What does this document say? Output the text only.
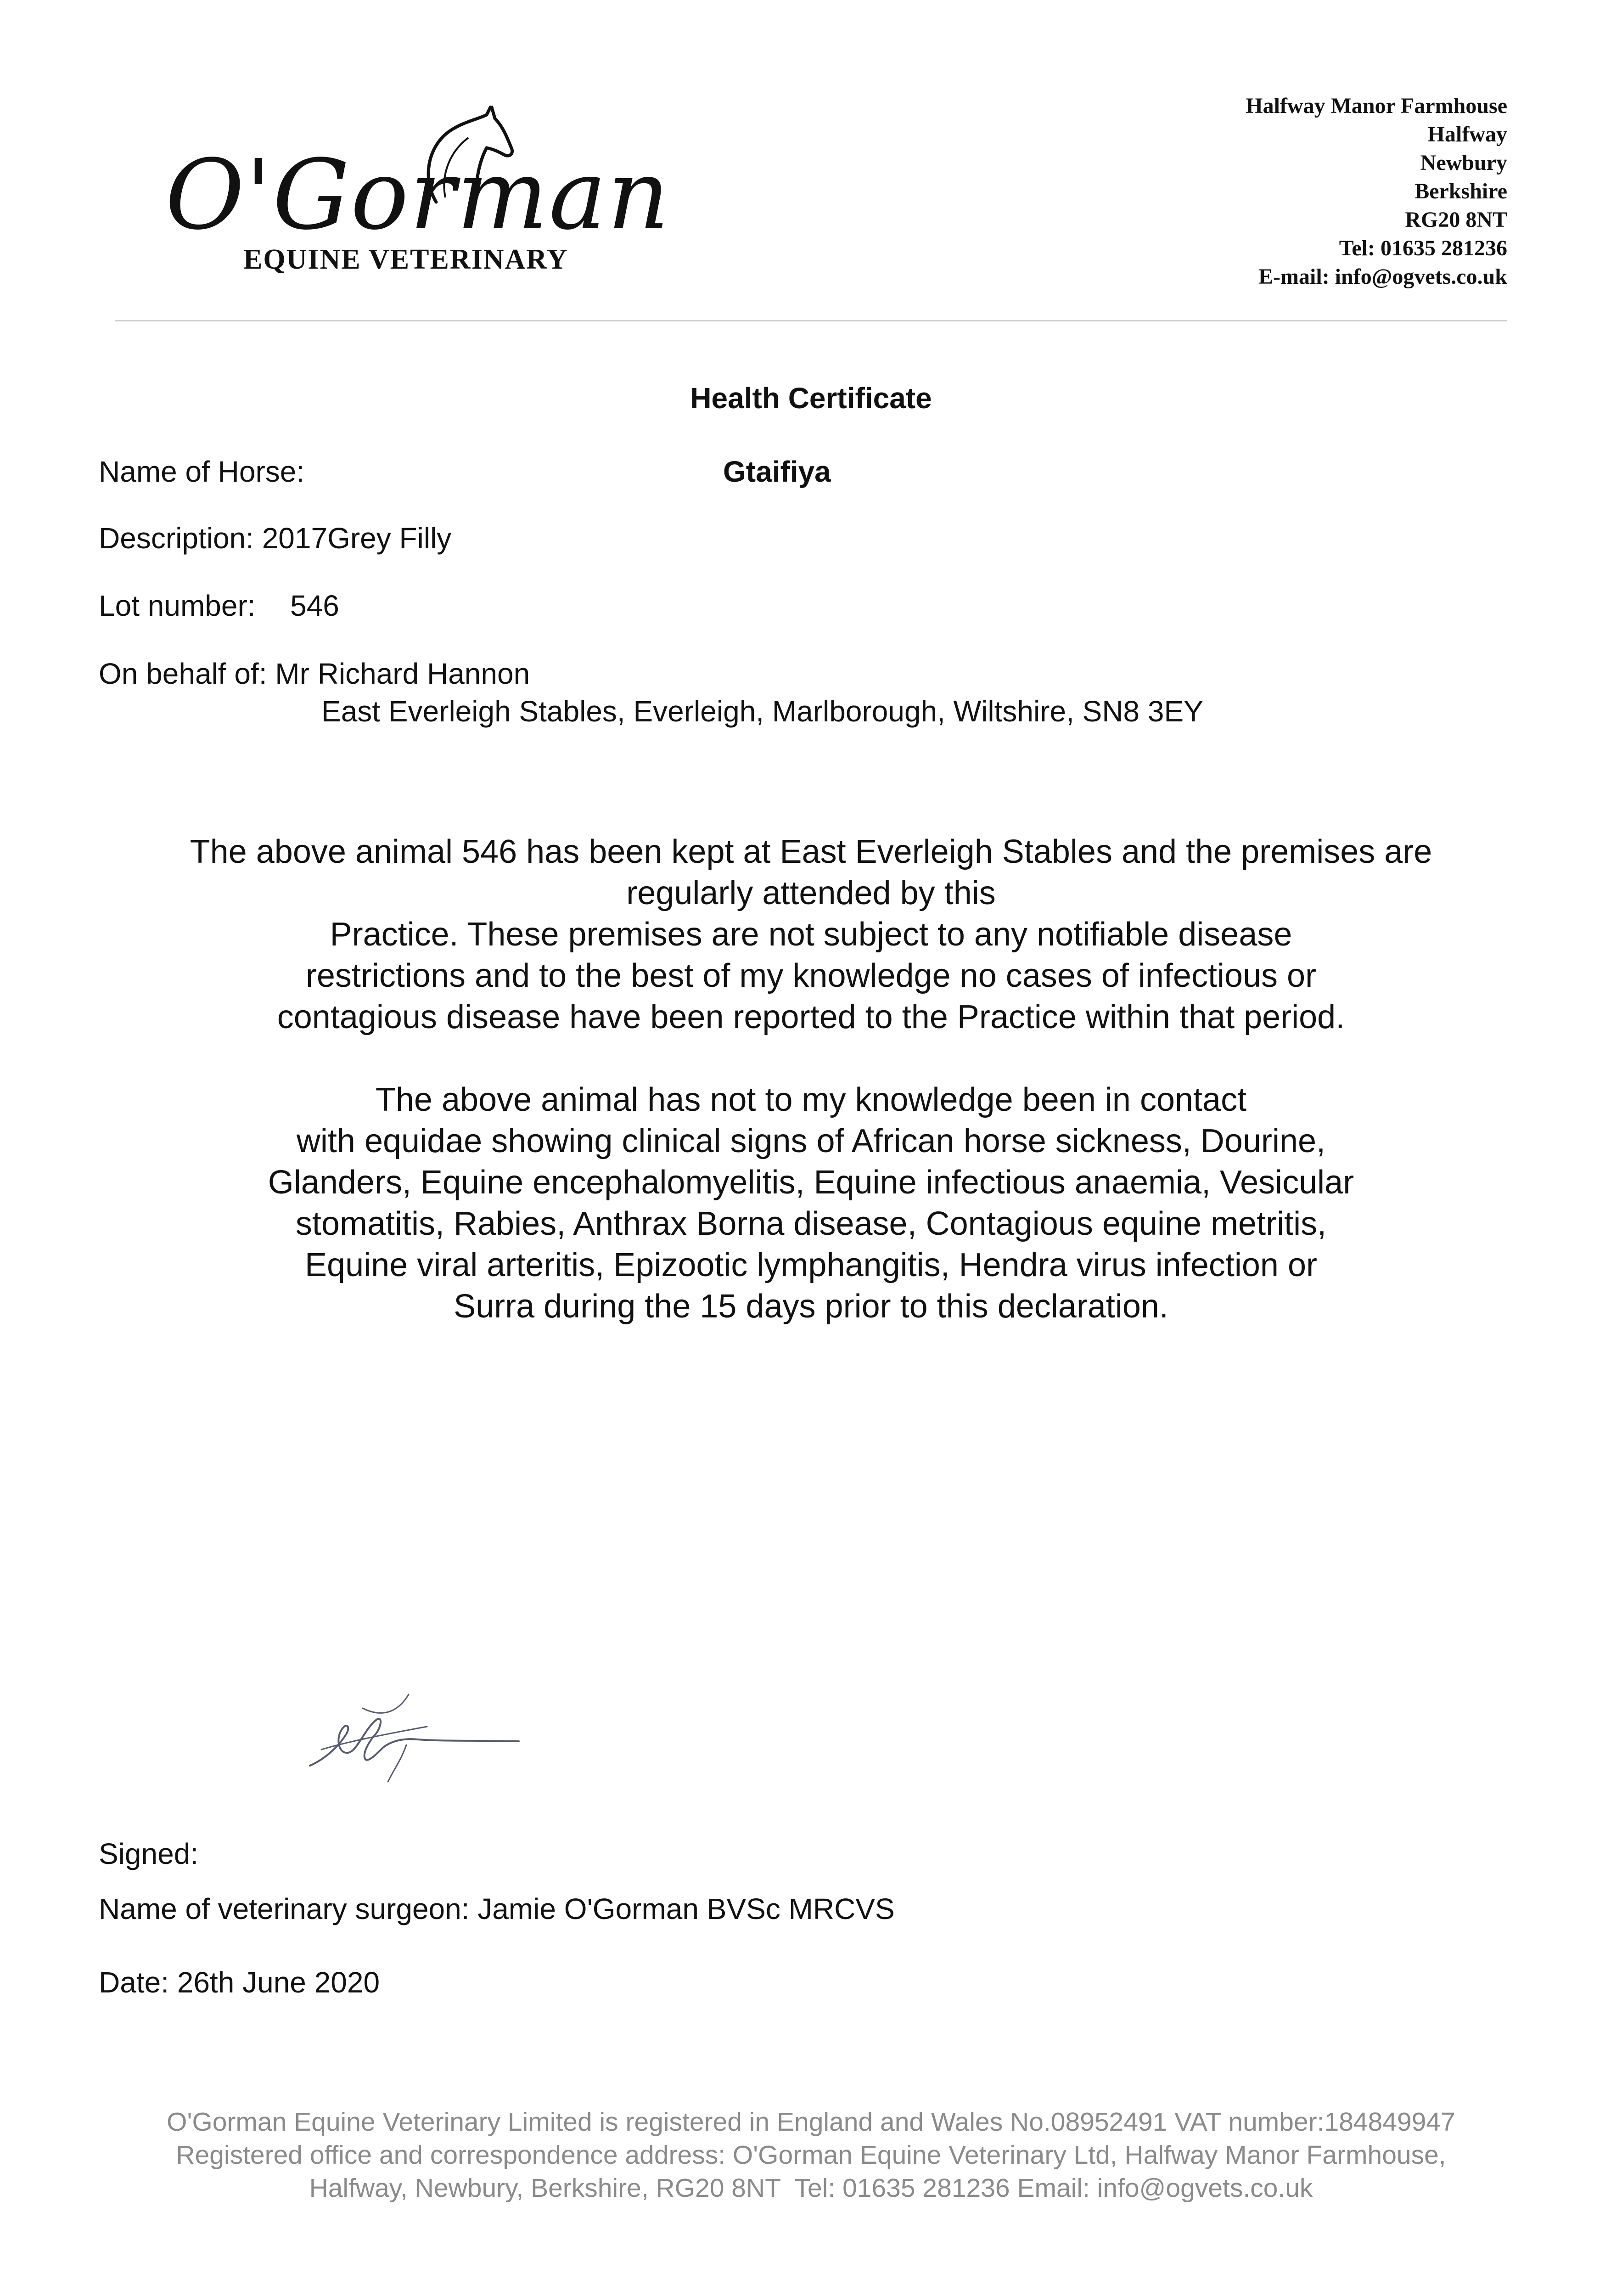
O'Gorman
EQUINE VETERINARY
Halfway Manor Farmhouse
Halfway
Newbury
Berkshire
RG20 8NT
Tel: 01635 281236
E-mail: info@ogvets.co.uk
Health Certificate
Name of Horse:	Gtaifiya
Description: 2017Grey Filly
Lot number: 546
On behalf of: Mr Richard Hannon
East Everleigh Stables, Everleigh, Marlborough, Wiltshire, SN8 3EY
The above animal 546 has been kept at East Everleigh Stables and the premises are
regularly attended by this
Practice. These premises are not subject to any notifiable disease
restrictions and to the best of my knowledge no cases of infectious or
contagious disease have been reported to the Practice within that period.
The above animal has not to my knowledge been in contact
with equidae showing clinical signs of African horse sickness, Dourine,
Glanders, Equine encephalomyelitis, Equine infectious anaemia, Vesicular
stomatitis, Rabies, Anthrax Borna disease, Contagious equine metritis,
Equine viral arteritis, Epizootic lymphangitis, Hendra virus infection or
Surra during the 15 days prior to this declaration.
Signed:
Name of veterinary surgeon: Jamie O'Gorman BVSc MRCVS
Date: 26th June 2020
O'Gorman Equine Veterinary Limited is registered in England and Wales No.08952491 VAT number:184849947
Registered office and correspondence address: O'Gorman Equine Veterinary Ltd, Halfway Manor Farmhouse,
Halfway, Newbury, Berkshire, RG20 8NT  Tel: 01635 281236 Email: info@ogvets.co.uk
